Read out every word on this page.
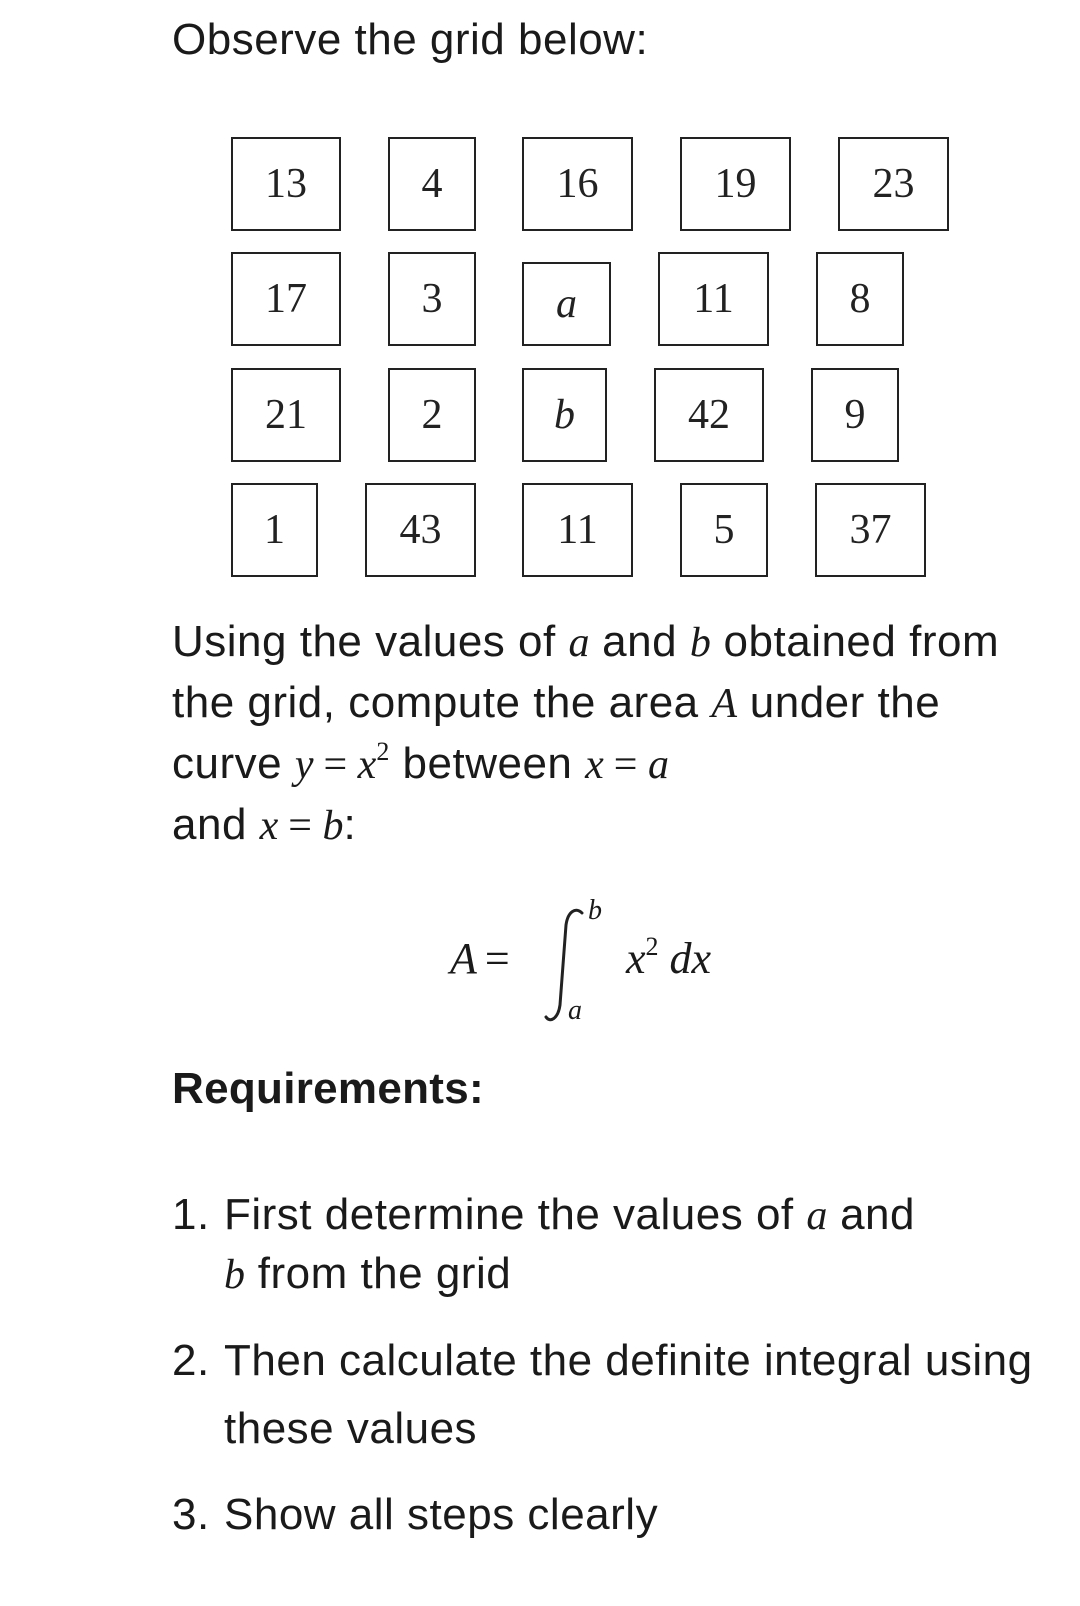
Observe the grid below:
13	4	16	19	23
17	3	a	11	8
21	2	b	42	9
1	43	11	5	37
Using the values of a and b obtained from the grid, compute the area A under the curve $y = x^2$ between x = a
and x = b:
A =
b
a
$x^2$ dx
Requirements:
1. First determine the values of a and
b from the grid
2. Then calculate the definite integral using these values
3. Show all steps clearly
